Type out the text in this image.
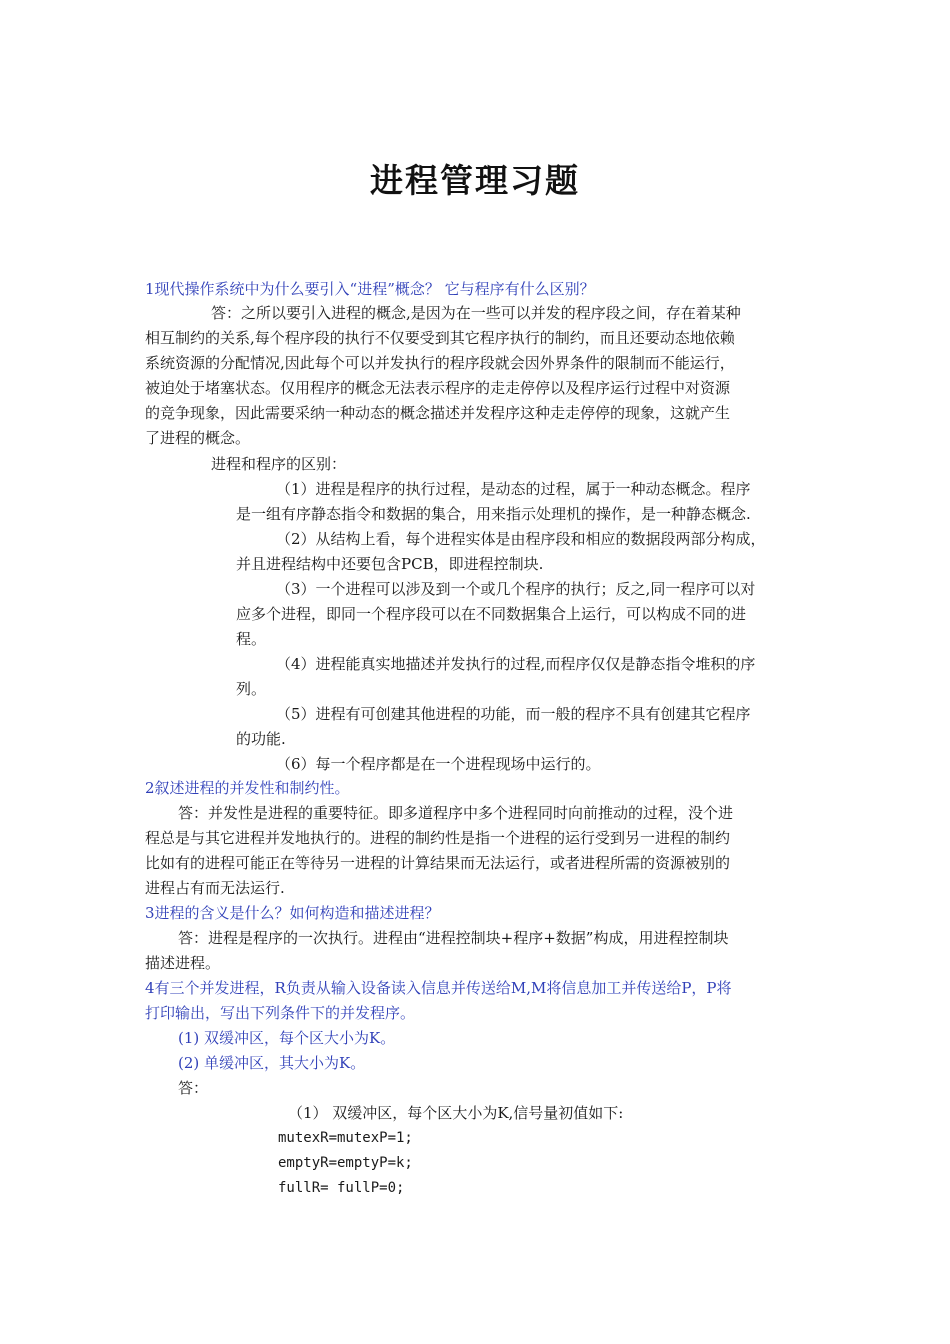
进程管理习题
1现代操作系统中为什么要引入“进程”概念？ 它与程序有什么区别？
答：之所以要引入进程的概念,是因为在一些可以并发的程序段之间，存在着某种
相互制约的关系,每个程序段的执行不仅要受到其它程序执行的制约，而且还要动态地依赖
系统资源的分配情况,因此每个可以并发执行的程序段就会因外界条件的限制而不能运行，
被迫处于堵塞状态。仅用程序的概念无法表示程序的走走停停以及程序运行过程中对资源
的竞争现象，因此需要采纳一种动态的概念描述并发程序这种走走停停的现象，这就产生
了进程的概念。
进程和程序的区别：
（1）进程是程序的执行过程，是动态的过程，属于一种动态概念。程序
是一组有序静态指令和数据的集合，用来指示处理机的操作，是一种静态概念.
（2）从结构上看，每个进程实体是由程序段和相应的数据段两部分构成，
并且进程结构中还要包含PCB，即进程控制块.
（3）一个进程可以涉及到一个或几个程序的执行；反之,同一程序可以对
应多个进程，即同一个程序段可以在不同数据集合上运行，可以构成不同的进
程。
（4）进程能真实地描述并发执行的过程,而程序仅仅是静态指令堆积的序
列。
（5）进程有可创建其他进程的功能，而一般的程序不具有创建其它程序
的功能.
（6）每一个程序都是在一个进程现场中运行的。
2叙述进程的并发性和制约性。
答：并发性是进程的重要特征。即多道程序中多个进程同时向前推动的过程，没个进
程总是与其它进程并发地执行的。进程的制约性是指一个进程的运行受到另一进程的制约
比如有的进程可能正在等待另一进程的计算结果而无法运行，或者进程所需的资源被别的
进程占有而无法运行.
3进程的含义是什么？如何构造和描述进程？
答：进程是程序的一次执行。进程由“进程控制块+程序+数据”构成，用进程控制块
描述进程。
4有三个并发进程，R负责从输入设备读入信息并传送给M,M将信息加工并传送给P，P将
打印输出，写出下列条件下的并发程序。
(1) 双缓冲区，每个区大小为K。
(2) 单缓冲区，其大小为K。
答：
（1） 双缓冲区，每个区大小为K,信号量初值如下:
mutexR=mutexP=1;
emptyR=emptyP=k;
fullR= fullP=0;
